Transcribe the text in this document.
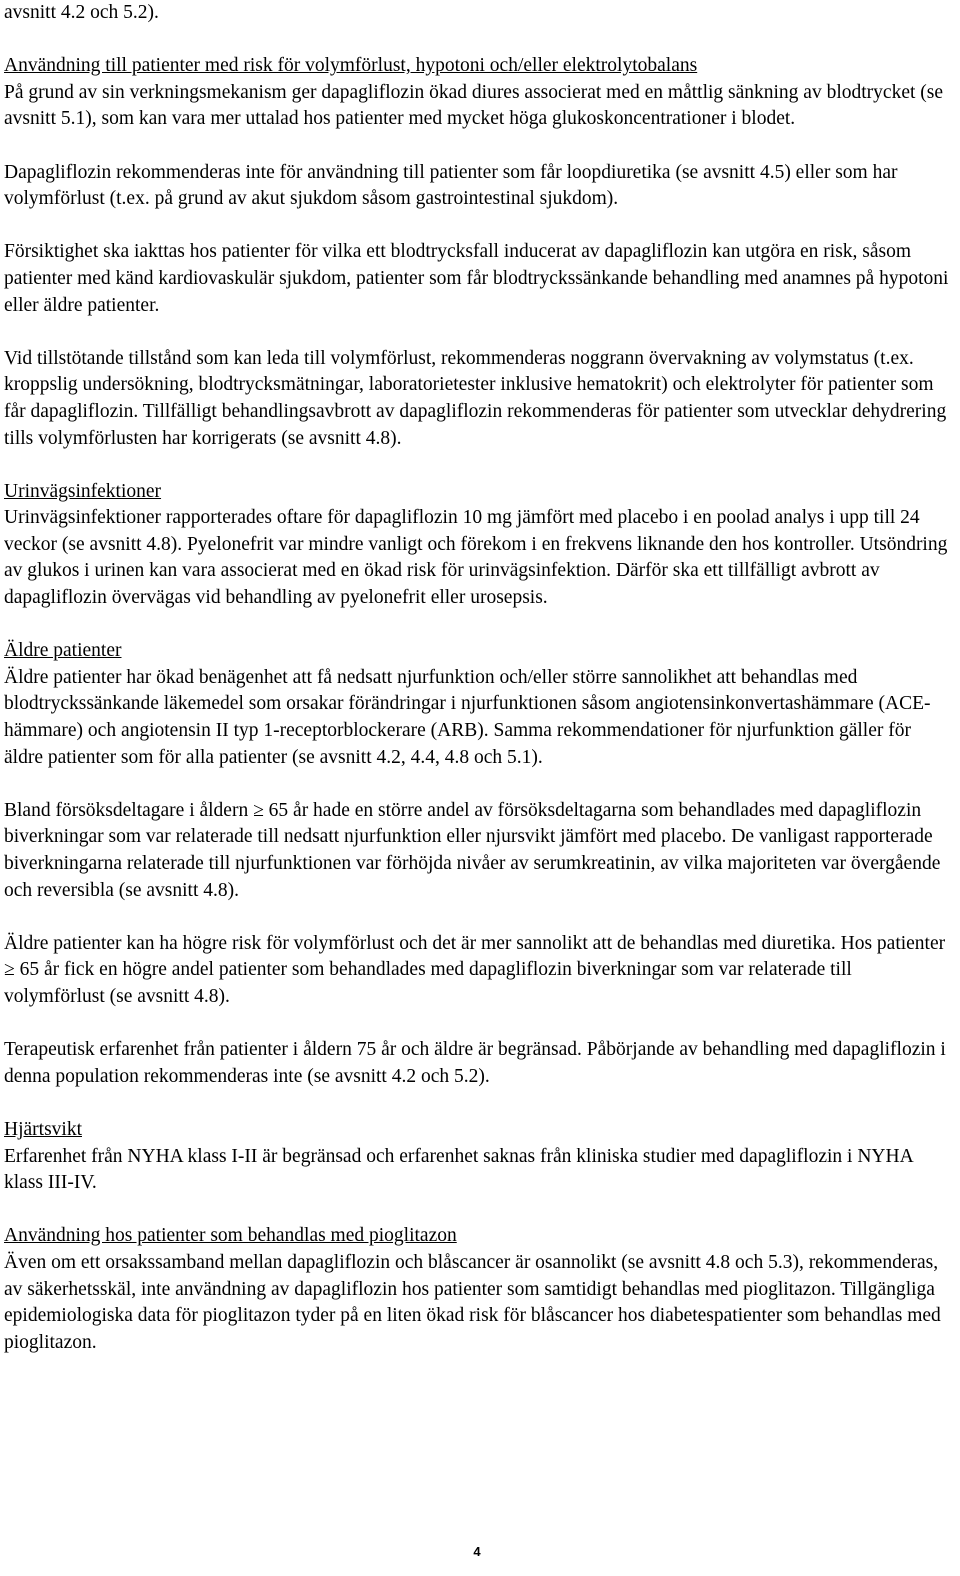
avsnitt 4.2 och 5.2).

Användning till patienter med risk för volymförlust, hypotoni och/eller elektrolytobalans

På grund av sin verkningsmekanism ger dapagliflozin ökad diures associerat med en måttlig sänkning av blodtrycket (se avsnitt 5.1), som kan vara mer uttalad hos patienter med mycket höga glukoskoncentrationer i blodet.

Dapagliflozin rekommenderas inte för användning till patienter som får loopdiuretika (se avsnitt 4.5) eller som har volymförlust (t.ex. på grund av akut sjukdom såsom gastrointestinal sjukdom).

Försiktighet ska iakttas hos patienter för vilka ett blodtrycksfall inducerat av dapagliflozin kan utgöra en risk, såsom patienter med känd kardiovaskulär sjukdom, patienter som får blodtryckssänkande behandling med anamnes på hypotoni eller äldre patienter.

Vid tillstötande tillstånd som kan leda till volymförlust, rekommenderas noggrann övervakning av volymstatus (t.ex. kroppslig undersökning, blodtrycksmätningar, laboratorietester inklusive hematokrit) och elektrolyter för patienter som får dapagliflozin. Tillfälligt behandlingsavbrott av dapagliflozin rekommenderas för patienter som utvecklar dehydrering tills volymförlusten har korrigerats (se avsnitt 4.8).

Urinvägsinfektioner

Urinvägsinfektioner rapporterades oftare för dapagliflozin 10 mg jämfört med placebo i en poolad analys i upp till 24 veckor (se avsnitt 4.8). Pyelonefrit var mindre vanligt och förekom i en frekvens liknande den hos kontroller. Utsöndring av glukos i urinen kan vara associerat med en ökad risk för urinvägsinfektion. Därför ska ett tillfälligt avbrott av dapagliflozin övervägas vid behandling av pyelonefrit eller urosepsis.

Äldre patienter

Äldre patienter har ökad benägenhet att få nedsatt njurfunktion och/eller större sannolikhet att behandlas med blodtryckssänkande läkemedel som orsakar förändringar i njurfunktionen såsom angiotensinkonvertashämmare (ACE-hämmare) och angiotensin II typ 1-receptorblockerare (ARB). Samma rekommendationer för njurfunktion gäller för äldre patienter som för alla patienter (se avsnitt 4.2, 4.4, 4.8 och 5.1).

Bland försöksdeltagare i åldern ≥ 65 år hade en större andel av försöksdeltagarna som behandlades med dapagliflozin biverkningar som var relaterade till nedsatt njurfunktion eller njursvikt jämfört med placebo. De vanligast rapporterade biverkningarna relaterade till njurfunktionen var förhöjda nivåer av serumkreatinin, av vilka majoriteten var övergående och reversibla (se avsnitt 4.8).

Äldre patienter kan ha högre risk för volymförlust och det är mer sannolikt att de behandlas med diuretika. Hos patienter ≥ 65 år fick en högre andel patienter som behandlades med dapagliflozin biverkningar som var relaterade till volymförlust (se avsnitt 4.8).

Terapeutisk erfarenhet från patienter i åldern 75 år och äldre är begränsad. Påbörjande av behandling med dapagliflozin i denna population rekommenderas inte (se avsnitt 4.2 och 5.2).

Hjärtsvikt

Erfarenhet från NYHA klass I-II är begränsad och erfarenhet saknas från kliniska studier med dapagliflozin i NYHA klass III-IV.

Användning hos patienter som behandlas med pioglitazon

Även om ett orsakssamband mellan dapagliflozin och blåscancer är osannolikt (se avsnitt 4.8 och 5.3), rekommenderas, av säkerhetsskäl, inte användning av dapagliflozin hos patienter som samtidigt behandlas med pioglitazon. Tillgängliga epidemiologiska data för pioglitazon tyder på en liten ökad risk för blåscancer hos diabetespatienter som behandlas med pioglitazon.

4
